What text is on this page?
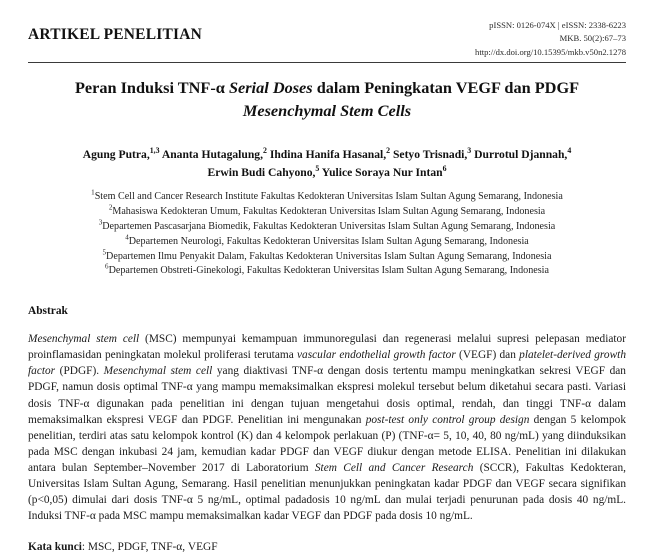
ARTIKEL PENELITIAN
pISSN: 0126-074X | eISSN: 2338-6223
MKB. 50(2):67–73
http://dx.doi.org/10.15395/mkb.v50n2.1278
Peran Induksi TNF-α Serial Doses dalam Peningkatan VEGF dan PDGF
Mesenchymal Stem Cells
Agung Putra,$^{1,3}$ Ananta Hutagalung,$^2$ Ihdina Hanifa Hasanal,$^2$ Setyo Trisnadi,$^3$ Durrotul Djannah,$^4$
Erwin Budi Cahyono,$^5$ Yulice Soraya Nur Intan$^6$
$^1$Stem Cell and Cancer Research Institute Fakultas Kedokteran Universitas Islam Sultan Agung Semarang, Indonesia
$^2$Mahasiswa Kedokteran Umum, Fakultas Kedokteran Universitas Islam Sultan Agung Semarang, Indonesia
$^3$Departemen Pascasarjana Biomedik, Fakultas Kedokteran Universitas Islam Sultan Agung Semarang, Indonesia
$^4$Departemen Neurologi, Fakultas Kedokteran Universitas Islam Sultan Agung Semarang, Indonesia
$^5$Departemen Ilmu Penyakit Dalam, Fakultas Kedokteran Universitas Islam Sultan Agung Semarang, Indonesia
$^6$Departemen Obstreti-Ginekologi, Fakultas Kedokteran Universitas Islam Sultan Agung Semarang, Indonesia
Abstrak
Mesenchymal stem cell (MSC) mempunyai kemampuan immunoregulasi dan regenerasi melalui supresi pelepasan mediator proinflamasidan peningkatan molekul proliferasi terutama vascular endothelial growth factor (VEGF) dan platelet-derived growth factor (PDGF). Mesenchymal stem cell yang diaktivasi TNF-α dengan dosis tertentu mampu meningkatkan sekresi VEGF dan PDGF, namun dosis optimal TNF-α yang mampu memaksimalkan ekspresi molekul tersebut belum diketahui secara pasti. Variasi dosis TNF-α digunakan pada penelitian ini dengan tujuan mengetahui dosis optimal, rendah, dan tinggi TNF-α dalam memaksimalkan ekspresi VEGF dan PDGF. Penelitian ini mengunakan post-test only control group design dengan 5 kelompok penelitian, terdiri atas satu kelompok kontrol (K) dan 4 kelompok perlakuan (P) (TNF-α= 5, 10, 40, 80 ng/mL) yang diinduksikan pada MSC dengan inkubasi 24 jam, kemudian kadar PDGF dan VEGF diukur dengan metode ELISA. Penelitian ini dilakukan antara bulan September–November 2017 di Laboratorium Stem Cell and Cancer Research (SCCR), Fakultas Kedokteran, Universitas Islam Sultan Agung, Semarang. Hasil penelitian menunjukkan peningkatan kadar PDGF dan VEGF secara signifikan (p<0,05) dimulai dari dosis TNF-α 5 ng/mL, optimal padadosis 10 ng/mL dan mulai terjadi penurunan pada dosis 40 ng/mL. Induksi TNF-α pada MSC mampu memaksimalkan kadar VEGF dan PDGF pada dosis 10 ng/mL.
Kata kunci: MSC, PDGF, TNF-α, VEGF
